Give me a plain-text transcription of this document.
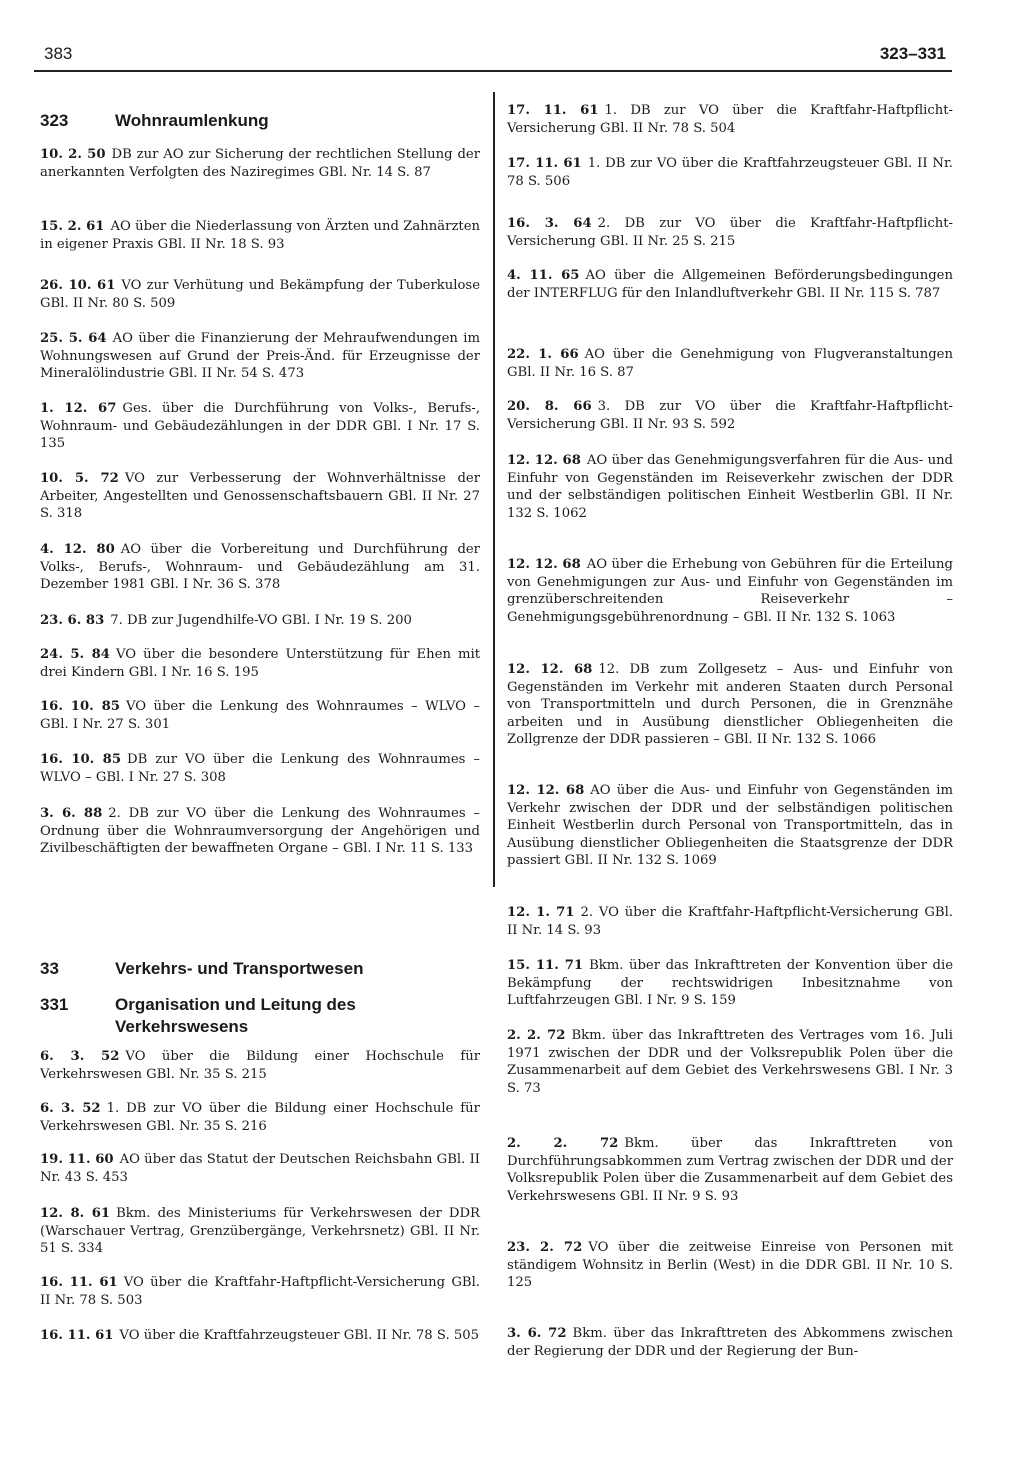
383	323–331
323	Wohnraumlenkung
10. 2. 50 DB zur AO zur Sicherung der rechtlichen Stellung der anerkannten Verfolgten des Naziregimes GBl. Nr. 14 S. 87
15. 2. 61 AO über die Niederlassung von Ärzten und Zahnärzten in eigener Praxis GBl. II Nr. 18 S. 93
26. 10. 61 VO zur Verhütung und Bekämpfung der Tuberkulose GBl. II Nr. 80 S. 509
25. 5. 64 AO über die Finanzierung der Mehraufwendungen im Wohnungswesen auf Grund der Preis-Änd. für Erzeugnisse der Mineralölindustrie GBl. II Nr. 54 S. 473
1. 12. 67 Ges. über die Durchführung von Volks-, Berufs-, Wohnraum- und Gebäudezählungen in der DDR GBl. I Nr. 17 S. 135
10. 5. 72 VO zur Verbesserung der Wohnverhältnisse der Arbeiter, Angestellten und Genossenschaftsbauern GBl. II Nr. 27 S. 318
4. 12. 80 AO über die Vorbereitung und Durchführung der Volks-, Berufs-, Wohnraum- und Gebäudezählung am 31. Dezember 1981 GBl. I Nr. 36 S. 378
23. 6. 83 7. DB zur Jugendhilfe-VO GBl. I Nr. 19 S. 200
24. 5. 84 VO über die besondere Unterstützung für Ehen mit drei Kindern GBl. I Nr. 16 S. 195
16. 10. 85 VO über die Lenkung des Wohnraumes – WLVO – GBl. I Nr. 27 S. 301
16. 10. 85 DB zur VO über die Lenkung des Wohnraumes – WLVO – GBl. I Nr. 27 S. 308
3. 6. 88 2. DB zur VO über die Lenkung des Wohnraumes – Ordnung über die Wohnraumversorgung der Angehörigen und Zivilbeschäftigten der bewaffneten Organe – GBl. I Nr. 11 S. 133
33	Verkehrs- und Transportwesen
331	Organisation und Leitung des Verkehrswesens
6. 3. 52 VO über die Bildung einer Hochschule für Verkehrswesen GBl. Nr. 35 S. 215
6. 3. 52 1. DB zur VO über die Bildung einer Hochschule für Verkehrswesen GBl. Nr. 35 S. 216
19. 11. 60 AO über das Statut der Deutschen Reichsbahn GBl. II Nr. 43 S. 453
12. 8. 61 Bkm. des Ministeriums für Verkehrswesen der DDR (Warschauer Vertrag, Grenzübergänge, Verkehrsnetz) GBl. II Nr. 51 S. 334
16. 11. 61 VO über die Kraftfahr-Haftpflicht-Versicherung GBl. II Nr. 78 S. 503
16. 11. 61 VO über die Kraftfahrzeugsteuer GBl. II Nr. 78 S. 505
17. 11. 61 1. DB zur VO über die Kraftfahr-Haftpflicht-Versicherung GBl. II Nr. 78 S. 504
17. 11. 61 1. DB zur VO über die Kraftfahrzeugsteuer GBl. II Nr. 78 S. 506
16. 3. 64 2. DB zur VO über die Kraftfahr-Haftpflicht-Versicherung GBl. II Nr. 25 S. 215
4. 11. 65 AO über die Allgemeinen Beförderungsbedingungen der INTERFLUG für den Inlandluftverkehr GBl. II Nr. 115 S. 787
22. 1. 66 AO über die Genehmigung von Flugveranstaltungen GBl. II Nr. 16 S. 87
20. 8. 66 3. DB zur VO über die Kraftfahr-Haftpflicht-Versicherung GBl. II Nr. 93 S. 592
12. 12. 68 AO über das Genehmigungsverfahren für die Aus- und Einfuhr von Gegenständen im Reiseverkehr zwischen der DDR und der selbständigen politischen Einheit Westberlin GBl. II Nr. 132 S. 1062
12. 12. 68 AO über die Erhebung von Gebühren für die Erteilung von Genehmigungen zur Aus- und Einfuhr von Gegenständen im grenzüberschreitenden Reiseverkehr – Genehmigungsgebührenordnung – GBl. II Nr. 132 S. 1063
12. 12. 68 12. DB zum Zollgesetz – Aus- und Einfuhr von Gegenständen im Verkehr mit anderen Staaten durch Personal von Transportmitteln und durch Personen, die in Grenznähe arbeiten und in Ausübung dienstlicher Obliegenheiten die Zollgrenze der DDR passieren – GBl. II Nr. 132 S. 1066
12. 12. 68 AO über die Aus- und Einfuhr von Gegenständen im Verkehr zwischen der DDR und der selbständigen politischen Einheit Westberlin durch Personal von Transportmitteln, das in Ausübung dienstlicher Obliegenheiten die Staatsgrenze der DDR passiert GBl. II Nr. 132 S. 1069
12. 1. 71 2. VO über die Kraftfahr-Haftpflicht-Versicherung GBl. II Nr. 14 S. 93
15. 11. 71 Bkm. über das Inkrafttreten der Konvention über die Bekämpfung der rechtswidrigen Inbesitznahme von Luftfahrzeugen GBl. I Nr. 9 S. 159
2. 2. 72 Bkm. über das Inkrafttreten des Vertrages vom 16. Juli 1971 zwischen der DDR und der Volksrepublik Polen über die Zusammenarbeit auf dem Gebiet des Verkehrswesens GBl. I Nr. 3 S. 73
2. 2. 72 Bkm. über das Inkrafttreten von Durchführungsabkommen zum Vertrag zwischen der DDR und der Volksrepublik Polen über die Zusammenarbeit auf dem Gebiet des Verkehrswesens GBl. II Nr. 9 S. 93
23. 2. 72 VO über die zeitweise Einreise von Personen mit ständigem Wohnsitz in Berlin (West) in die DDR GBl. II Nr. 10 S. 125
3. 6. 72 Bkm. über das Inkrafttreten des Abkommens zwischen der Regierung der DDR und der Regierung der Bun-
